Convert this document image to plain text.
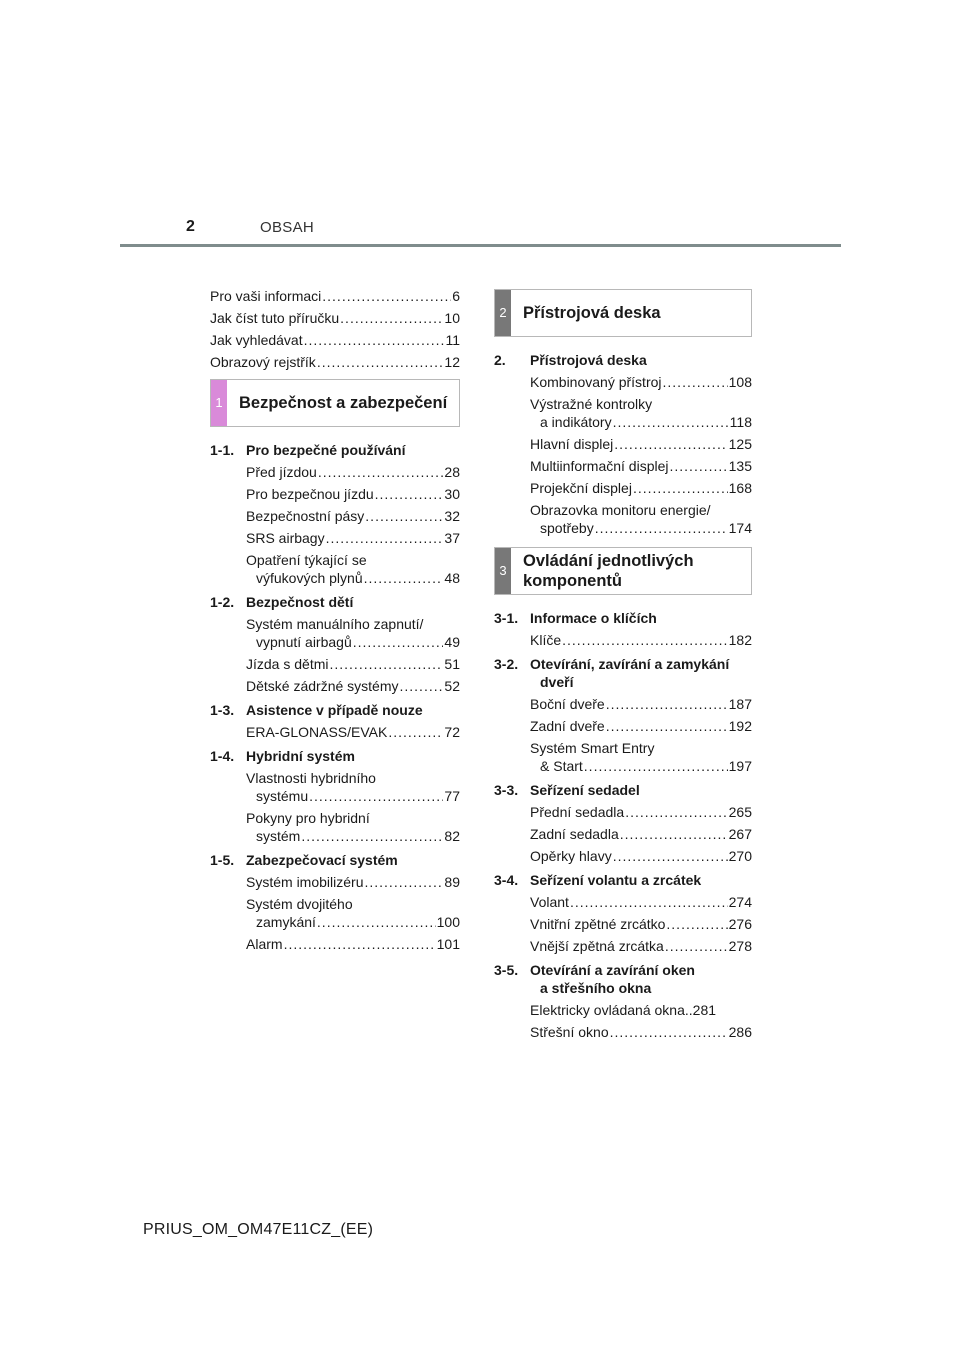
2	OBSAH
Pro vaši informaci .....	6
Jak číst tuto příručku .....	10
Jak vyhledávat .....	11
Obrazový rejstřík .....	12
1 Bezpečnost a zabezpečení
1-1. Pro bezpečné používání
Před jízdou .....	28
Pro bezpečnou jízdu .....	30
Bezpečnostní pásy .....	32
SRS airbagy .....	37
Opatření týkající se
výfukových plynů .....	48
1-2. Bezpečnost dětí
Systém manuálního zapnutí/
vypnutí airbagů .....	49
Jízda s dětmi .....	51
Dětské zádržné systémy .....	52
1-3. Asistence v případě nouze
ERA-GLONASS/EVAK .....	72
1-4. Hybridní systém
Vlastnosti hybridního
systému .....	77
Pokyny pro hybridní
systém .....	82
1-5. Zabezpečovací systém
Systém imobilizéru .....	89
Systém dvojitého
zamykání .....	100
Alarm .....	101
2 Přístrojová deska
2.	Přístrojová deska
Kombinovaný přístroj .....	108
Výstražné kontrolky
a indikátory .....	118
Hlavní displej .....	125
Multiinformační displej .....	135
Projekční displej .....	168
Obrazovka monitoru energie/
spotřeby .....	174
3
Ovládání jednotlivých
komponentů
3-1. Informace o klíčích
Klíče .....	182
3-2. Otevírání, zavírání a zamykání
dveří
Boční dveře .....	187
Zadní dveře .....	192
Systém Smart Entry
& Start .....	197
3-3. Seřízení sedadel
Přední sedadla .....	265
Zadní sedadla .....	267
Opěrky hlavy .....	270
3-4. Seřízení volantu a zrcátek
Volant .....	274
Vnitřní zpětné zrcátko .....	276
Vnější zpětná zrcátka .....	278
3-5. Otevírání a zavírání oken
a střešního okna
Elektricky ovládaná okna .. 281
Střešní okno .....	286
PRIUS_OM_OM47E11CZ_(EE)
